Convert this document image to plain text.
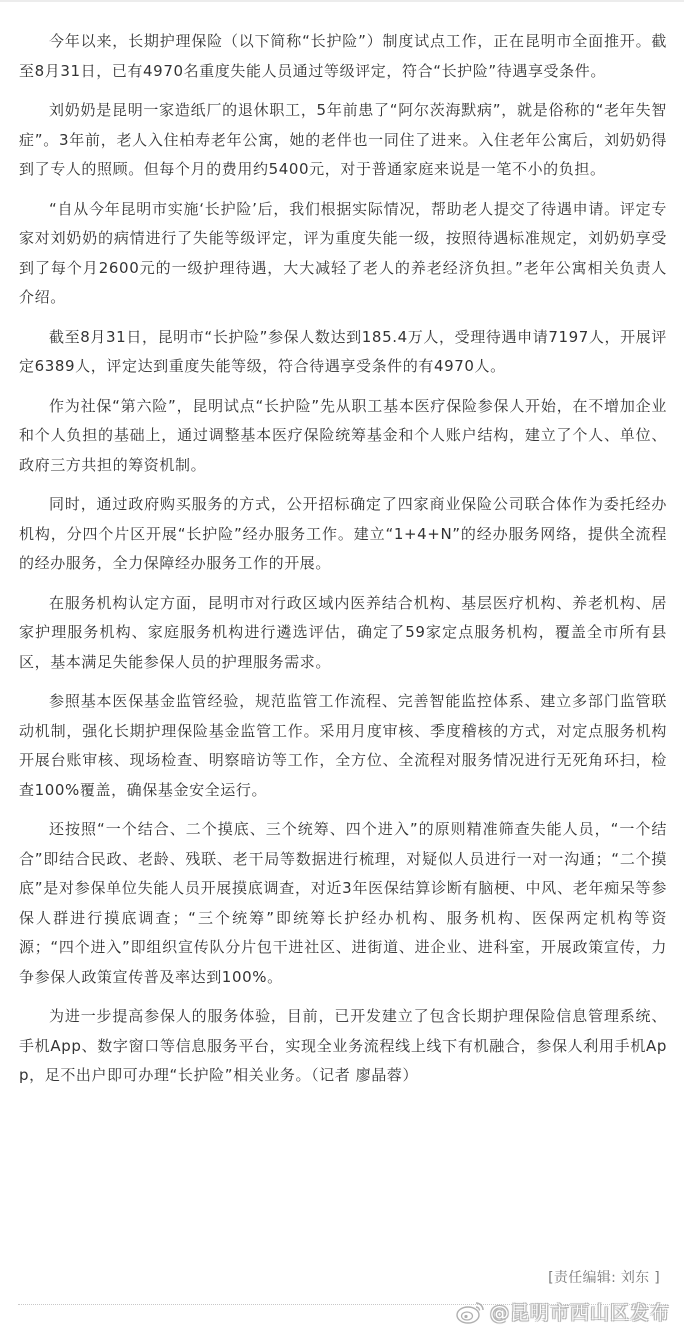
今年以来，长期护理保险（以下简称“长护险”）制度试点工作，正在昆明市全面推开。截至8月31日，已有4970名重度失能人员通过等级评定，符合“长护险”待遇享受条件。

刘奶奶是昆明一家造纸厂的退休职工，5年前患了“阿尔茨海默病”，就是俗称的“老年失智症”。3年前，老人入住柏寿老年公寓，她的老伴也一同住了进来。入住老年公寓后，刘奶奶得到了专人的照顾。但每个月的费用约5400元，对于普通家庭来说是一笔不小的负担。

“自从今年昆明市实施‘长护险’后，我们根据实际情况，帮助老人提交了待遇申请。评定专家对刘奶奶的病情进行了失能等级评定，评为重度失能一级，按照待遇标准规定，刘奶奶享受到了每个月2600元的一级护理待遇，大大减轻了老人的养老经济负担。”老年公寓相关负责人介绍。

截至8月31日，昆明市“长护险”参保人数达到185.4万人，受理待遇申请7197人，开展评定6389人，评定达到重度失能等级，符合待遇享受条件的有4970人。

作为社保“第六险”，昆明试点“长护险”先从职工基本医疗保险参保人开始，在不增加企业和个人负担的基础上，通过调整基本医疗保险统筹基金和个人账户结构，建立了个人、单位、政府三方共担的筹资机制。

同时，通过政府购买服务的方式，公开招标确定了四家商业保险公司联合体作为委托经办机构，分四个片区开展“长护险”经办服务工作。建立“1+4+N”的经办服务网络，提供全流程的经办服务，全力保障经办服务工作的开展。

在服务机构认定方面，昆明市对行政区域内医养结合机构、基层医疗机构、养老机构、居家护理服务机构、家庭服务机构进行遴选评估，确定了59家定点服务机构，覆盖全市所有县区，基本满足失能参保人员的护理服务需求。

参照基本医保基金监管经验，规范监管工作流程、完善智能监控体系、建立多部门监管联动机制，强化长期护理保险基金监管工作。采用月度审核、季度稽核的方式，对定点服务机构开展台账审核、现场检查、明察暗访等工作，全方位、全流程对服务情况进行无死角环扫，检查100%覆盖，确保基金安全运行。

还按照“一个结合、二个摸底、三个统筹、四个进入”的原则精准筛查失能人员，“一个结合”即结合民政、老龄、残联、老干局等数据进行梳理，对疑似人员进行一对一沟通；“二个摸底”是对参保单位失能人员开展摸底调查，对近3年医保结算诊断有脑梗、中风、老年痴呆等参保人群进行摸底调查；“三个统筹”即统筹长护经办机构、服务机构、医保两定机构等资源；“四个进入”即组织宣传队分片包干进社区、进街道、进企业、进科室，开展政策宣传，力争参保人政策宣传普及率达到100%。

为进一步提高参保人的服务体验，目前，已开发建立了包含长期护理保险信息管理系统、手机App、数字窗口等信息服务平台，实现全业务流程线上线下有机融合，参保人利用手机App，足不出户即可办理“长护险”相关业务。（记者 廖晶蓉）

[责任编辑: 刘东 ]
@昆明市西山区发布
